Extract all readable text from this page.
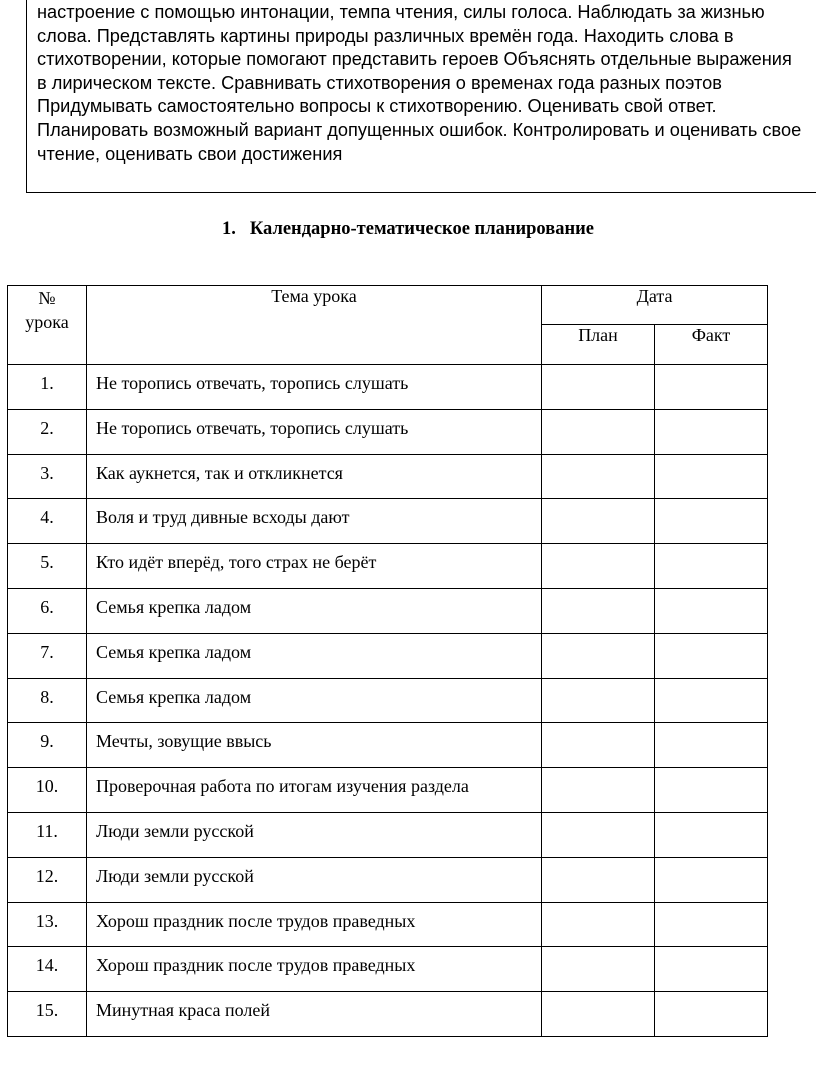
настроение с помощью интонации, темпа чтения, силы голоса. Наблюдать за жизнью слова. Представлять картины природы различных времён года. Находить слова в стихотворении, которые помогают представить героев Объяснять отдельные выражения в лирическом тексте. Сравнивать стихотворения о временах года разных поэтов Придумывать самостоятельно вопросы к стихотворению. Оценивать свой ответ. Планировать возможный вариант допущенных ошибок. Контролировать и оценивать свое чтение, оценивать свои достижения

1. Календарно-тематическое планирование
№
урока	Тема урока	Дата	
		План	Факт
1.	Не торопись отвечать, торопись слушать		
2.	Не торопись отвечать, торопись слушать		
3.	Как аукнется, так и откликнется		
4.	Воля и труд дивные всходы дают		
5.	Кто идёт вперёд, того страх не берёт		
6.	Семья крепка ладом		
7.	Семья крепка ладом		
8.	Семья крепка ладом		
9.	Мечты, зовущие ввысь		
10.	Проверочная работа по итогам изучения раздела		
11.	Люди земли русской		
12.	Люди земли русской		
13.	Хорош праздник после трудов праведных		
14.	Хорош праздник после трудов праведных		
15.	Минутная краса полей		
